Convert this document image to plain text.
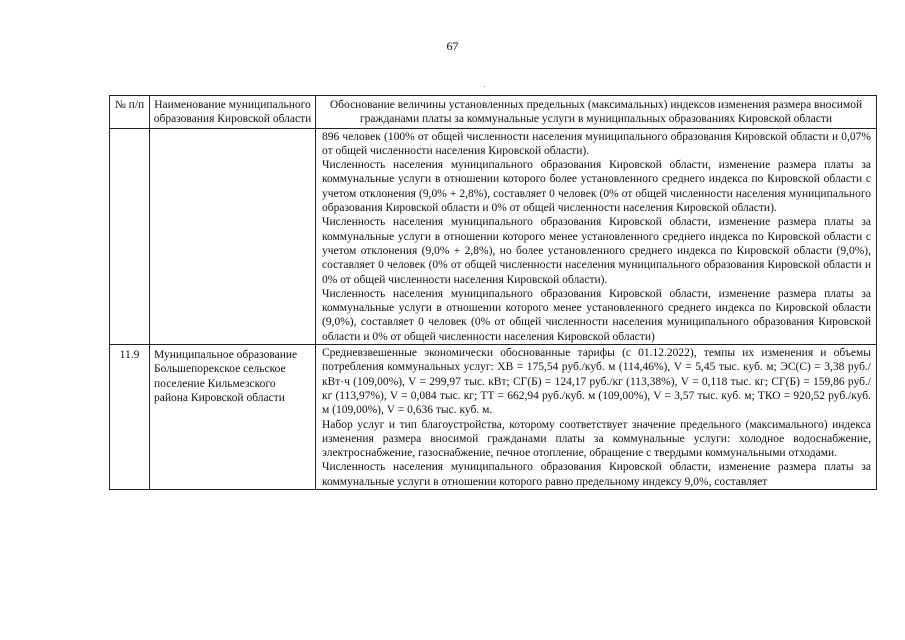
67
№ п/п	Наименование муниципального образования Кировской области	Обоснование величины установленных предельных (максимальных) индексов изменения размера вносимой гражданами платы за коммунальные услуги в муниципальных образованиях Кировской области

		896 человек (100% от общей численности населения муниципального образования Кировской области и 0,07% от общей численности населения Кировской области).
Численность населения муниципального образования Кировской области, изменение размера платы за коммунальные услуги в отношении которого более установленного среднего индекса по Кировской области с учетом отклонения (9,0% + 2,8%), составляет 0 человек (0% от общей численности населения муниципального образования Кировской области и 0% от общей численности населения Кировской области).
Численность населения муниципального образования Кировской области, изменение размера платы за коммунальные услуги в отношении которого менее установленного среднего индекса по Кировской области с учетом отклонения (9,0% + 2,8%), но более установленного среднего индекса по Кировской области (9,0%), составляет 0 человек (0% от общей численности населения муниципального образования Кировской области и 0% от общей численности населения Кировской области).
Численность населения муниципального образования Кировской области, изменение размера платы за коммунальные услуги в отношении которого менее установленного среднего индекса по Кировской области (9,0%), составляет 0 человек (0% от общей численности населения муниципального образования Кировской области и 0% от общей численности населения Кировской области)

11.9	Муниципальное образование Большепорекское сельское поселение Кильмезского района Кировской области	Средневзвешенные экономически обоснованные тарифы (с 01.12.2022), темпы их изменения и объемы потребления коммунальных услуг: ХВ = 175,54 руб./куб. м (114,46%), V = 5,45 тыс. куб. м; ЭС(С) = 3,38 руб./кВт·ч (109,00%), V = 299,97 тыс. кВт; СГ(Б) = 124,17 руб./кг (113,38%), V = 0,118 тыс. кг; СГ(Б) = 159,86 руб./кг (113,97%), V = 0,084 тыс. кг; ТТ = 662,94 руб./куб. м (109,00%), V = 3,57 тыс. куб. м; ТКО = 920,52 руб./куб. м (109,00%), V = 0,636 тыс. куб. м.
Набор услуг и тип благоустройства, которому соответствует значение предельного (максимального) индекса изменения размера вносимой гражданами платы за коммунальные услуги: холодное водоснабжение, электроснабжение, газоснабжение, печное отопление, обращение с твердыми коммунальными отходами.
Численность населения муниципального образования Кировской области, изменение размера платы за коммунальные услуги в отношении которого равно предельному индексу 9,0%, составляет
